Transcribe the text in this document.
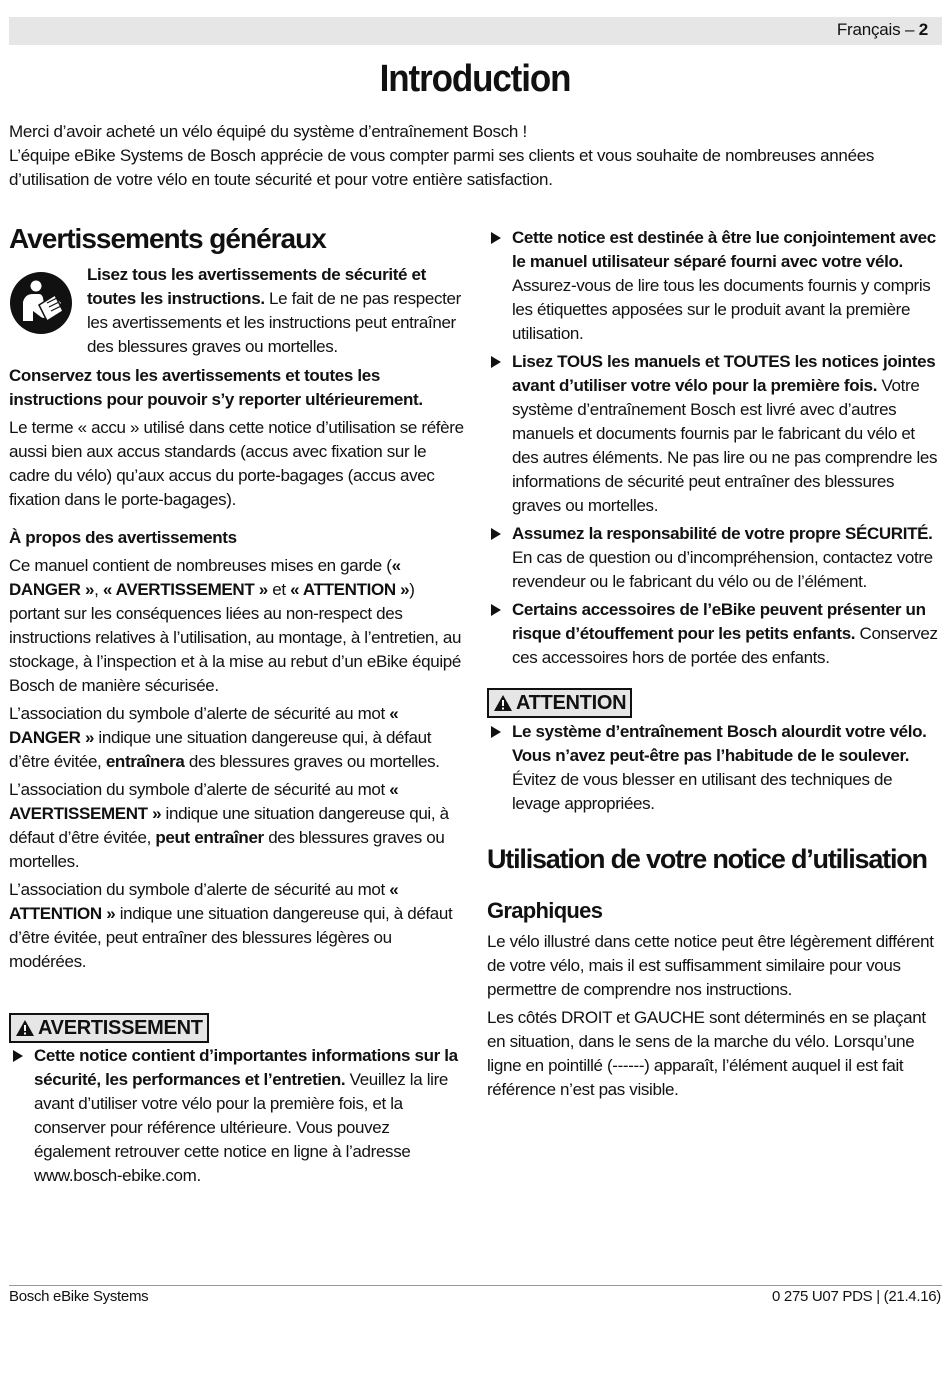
Français – 2
Introduction

Merci d’avoir acheté un vélo équipé du système d’entraînement Bosch !

L’équipe eBike Systems de Bosch apprécie de vous compter parmi ses clients et vous souhaite de nombreuses années d’utilisation de votre vélo en toute sécurité et pour votre entière satisfaction.

Avertissements généraux

Lisez tous les avertissements de sécurité et toutes les instructions. Le fait de ne pas respecter les avertissements et les instructions peut entraîner des blessures graves ou mortelles.

Conservez tous les avertissements et toutes les instructions pour pouvoir s’y reporter ultérieurement.

Le terme « accu » utilisé dans cette notice d’utilisation se réfère aussi bien aux accus standards (accus avec fixation sur le cadre du vélo) qu’aux accus du porte-bagages (accus avec fixation dans le porte-bagages).

À propos des avertissements

Ce manuel contient de nombreuses mises en garde (« DANGER », « AVERTISSEMENT » et « ATTENTION ») portant sur les conséquences liées au non-respect des instructions relatives à l’utilisation, au montage, à l’entretien, au stockage, à l’inspection et à la mise au rebut d’un eBike équipé Bosch de manière sécurisée.

L’association du symbole d’alerte de sécurité au mot « DANGER » indique une situation dangereuse qui, à défaut d’être évitée, entraînera des blessures graves ou mortelles.

L’association du symbole d’alerte de sécurité au mot « AVERTISSEMENT » indique une situation dangereuse qui, à défaut d’être évitée, peut entraîner des blessures graves ou mortelles.

L’association du symbole d’alerte de sécurité au mot « ATTENTION » indique une situation dangereuse qui, à défaut d’être évitée, peut entraîner des blessures légères ou modérées.

AVERTISSEMENT
Cette notice contient d’importantes informations sur la sécurité, les performances et l’entretien. Veuillez la lire avant d’utiliser votre vélo pour la première fois, et la conserver pour référence ultérieure. Vous pouvez également retrouver cette notice en ligne à l’adresse www.bosch-ebike.com.
Cette notice est destinée à être lue conjointement avec le manuel utilisateur séparé fourni avec votre vélo. Assurez-vous de lire tous les documents fournis y compris les étiquettes apposées sur le produit avant la première utilisation.
Lisez TOUS les manuels et TOUTES les notices jointes avant d’utiliser votre vélo pour la première fois. Votre système d’entraînement Bosch est livré avec d’autres manuels et documents fournis par le fabricant du vélo et des autres éléments. Ne pas lire ou ne pas comprendre les informations de sécurité peut entraîner des blessures graves ou mortelles.
Assumez la responsabilité de votre propre SÉCURITÉ. En cas de question ou d’incompréhension, contactez votre revendeur ou le fabricant du vélo ou de l’élément.
Certains accessoires de l’eBike peuvent présenter un risque d’étouffement pour les petits enfants. Conservez ces accessoires hors de portée des enfants.
ATTENTION
Le système d’entraînement Bosch alourdit votre vélo. Vous n’avez peut-être pas l’habitude de le soulever. Évitez de vous blesser en utilisant des techniques de levage appropriées.
Utilisation de votre notice d’utilisation
Graphiques

Le vélo illustré dans cette notice peut être légèrement différent de votre vélo, mais il est suffisamment similaire pour vous permettre de comprendre nos instructions.

Les côtés DROIT et GAUCHE sont déterminés en se plaçant en situation, dans le sens de la marche du vélo. Lorsqu’une ligne en pointillé (------) apparaît, l’élément auquel il est fait référence n’est pas visible.

Bosch eBike Systems	0 275 U07 PDS | (21.4.16)
